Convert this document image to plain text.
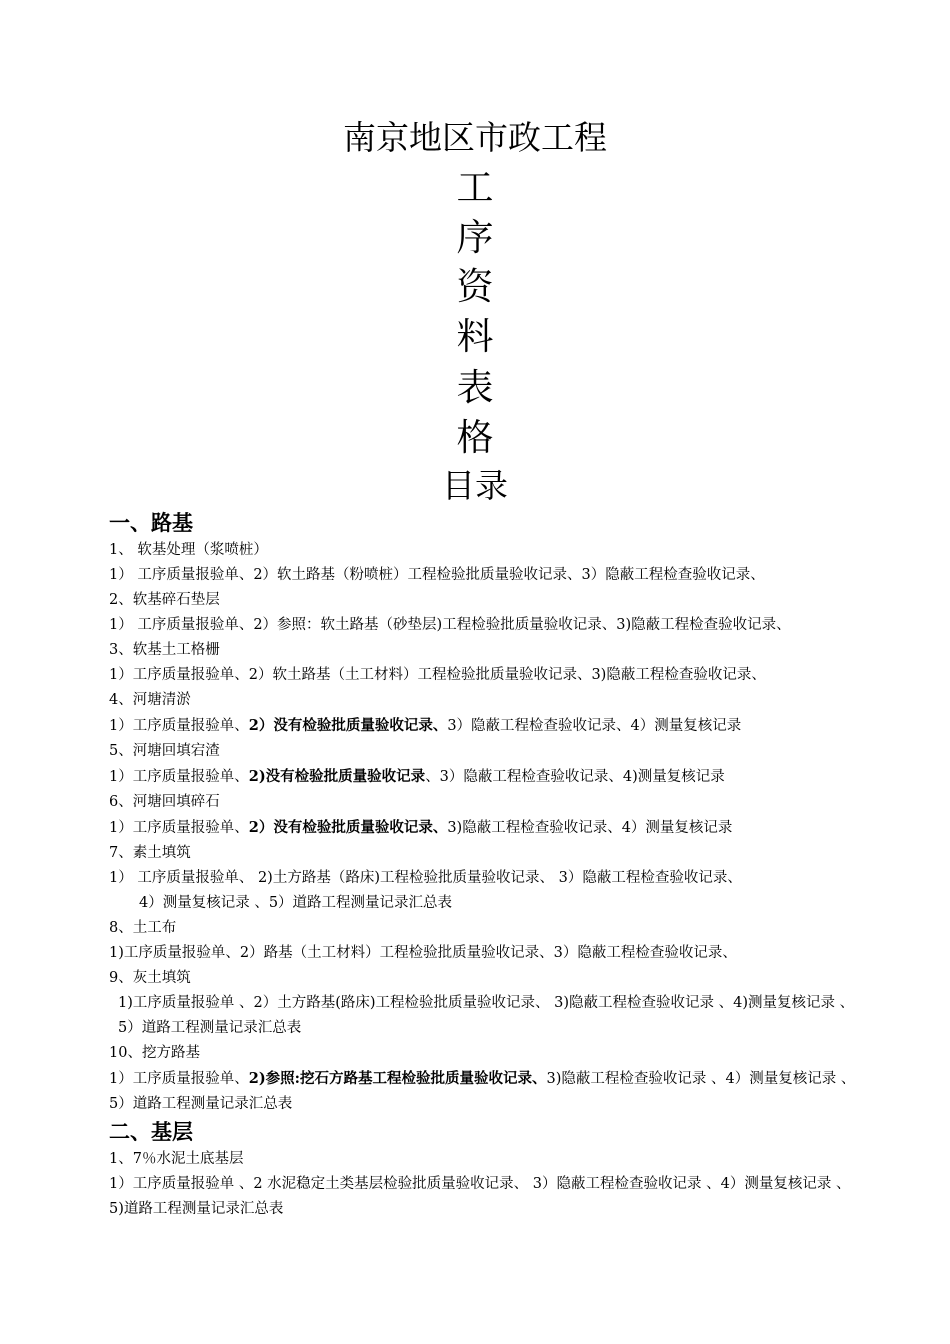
南京地区市政工程
工
序
资
料
表
格
目录
一、路基
1、 软基处理（浆喷桩）
1） 工序质量报验单、2）软土路基（粉喷桩）工程检验批质量验收记录、3）隐蔽工程检查验收记录、
2、软基碎石垫层
1） 工序质量报验单、2）参照：软土路基（砂垫层)工程检验批质量验收记录、3)隐蔽工程检查验收记录、
3、软基土工格栅
1）工序质量报验单、2）软土路基（土工材料）工程检验批质量验收记录、3)隐蔽工程检查验收记录、
4、河塘清淤
1）工序质量报验单、2）没有检验批质量验收记录、3）隐蔽工程检查验收记录、4）测量复核记录
5、河塘回填宕渣
1）工序质量报验单、2)没有检验批质量验收记录、3）隐蔽工程检查验收记录、4)测量复核记录
6、河塘回填碎石
1）工序质量报验单、2）没有检验批质量验收记录、3)隐蔽工程检查验收记录、4）测量复核记录
7、素土填筑
1） 工序质量报验单、 2)土方路基（路床)工程检验批质量验收记录、 3）隐蔽工程检查验收记录、
4）测量复核记录 、5）道路工程测量记录汇总表
8、土工布
1)工序质量报验单、2）路基（土工材料）工程检验批质量验收记录、3）隐蔽工程检查验收记录、
9、灰土填筑
1)工序质量报验单 、2）土方路基(路床)工程检验批质量验收记录、 3)隐蔽工程检查验收记录 、4)测量复核记录 、5）道路工程测量记录汇总表
10、挖方路基
1）工序质量报验单、2)参照:挖石方路基工程检验批质量验收记录、3)隐蔽工程检查验收记录 、4）测量复核记录 、5）道路工程测量记录汇总表
二、基层
1、7％水泥土底基层
1）工序质量报验单 、2 水泥稳定土类基层检验批质量验收记录、 3）隐蔽工程检查验收记录 、4）测量复核记录 、5)道路工程测量记录汇总表
